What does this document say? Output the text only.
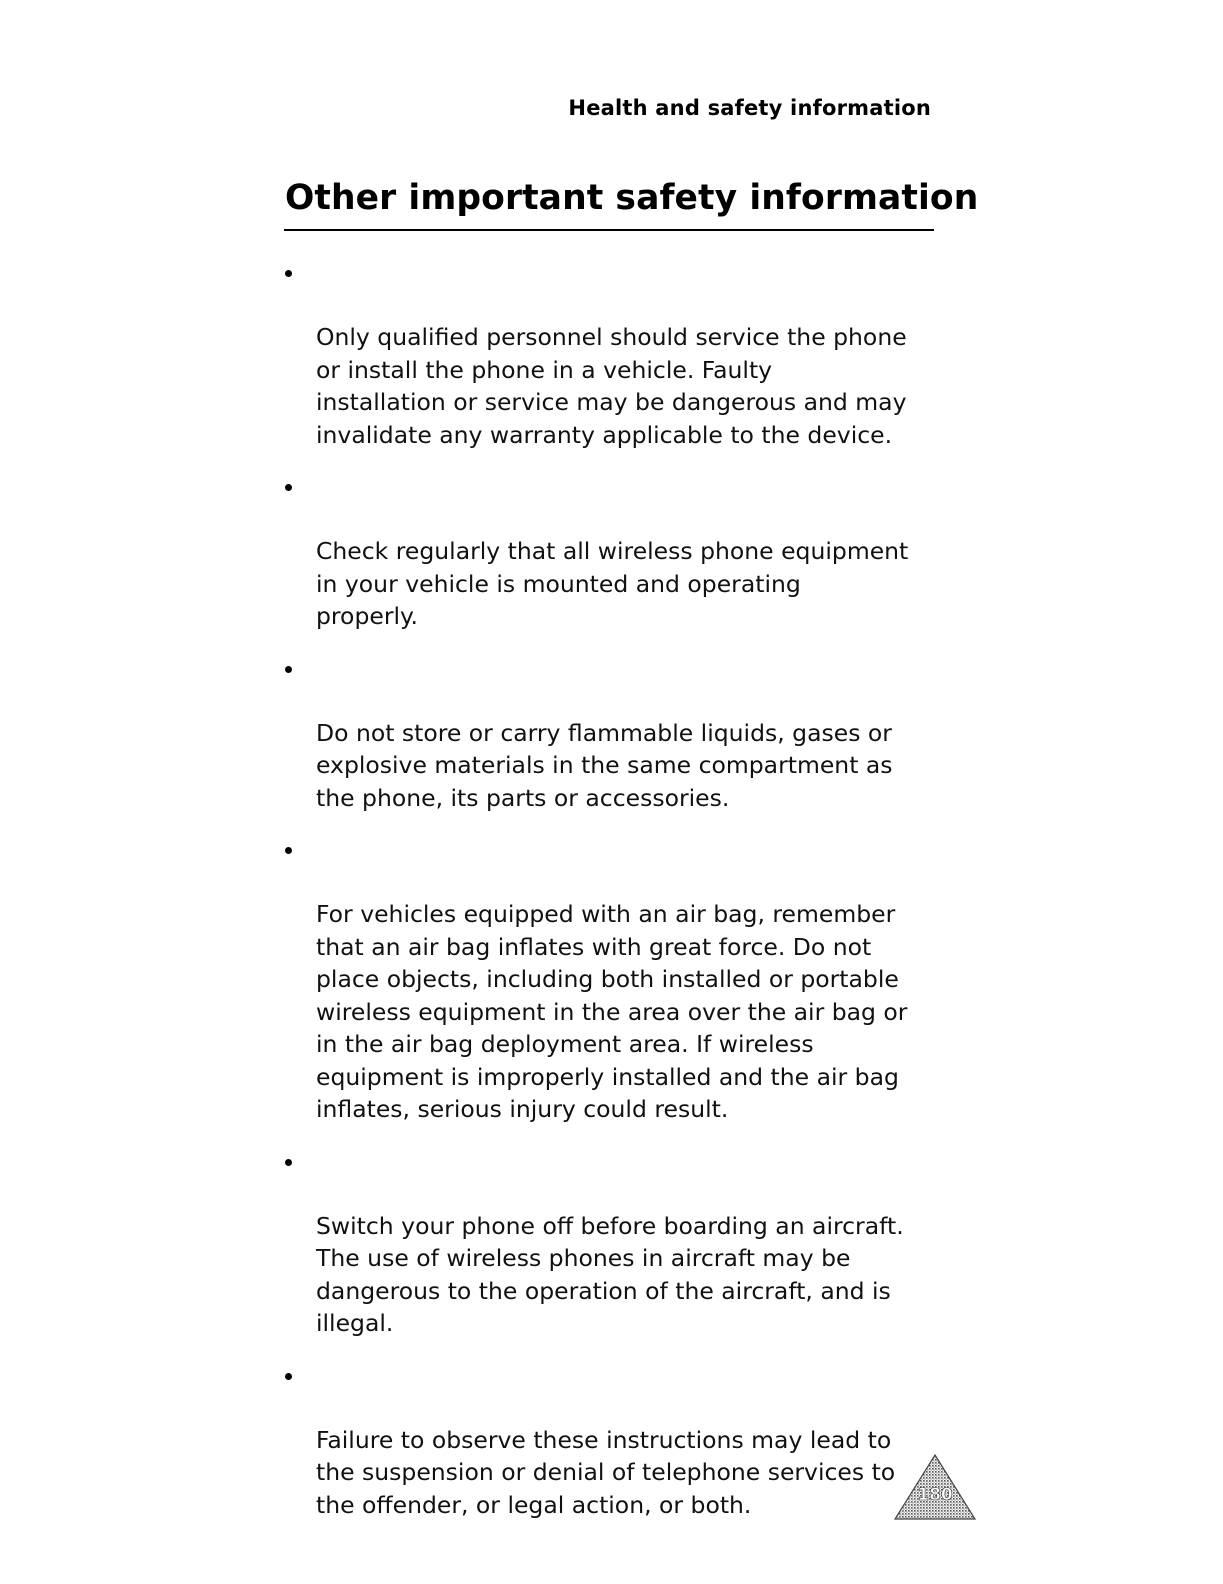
Health and safety information
Other important safety information

Only qualified personnel should service the phone
or install the phone in a vehicle. Faulty
installation or service may be dangerous and may
invalidate any warranty applicable to the device.

Check regularly that all wireless phone equipment
in your vehicle is mounted and operating
properly.

Do not store or carry flammable liquids, gases or
explosive materials in the same compartment as
the phone, its parts or accessories.

For vehicles equipped with an air bag, remember
that an air bag inflates with great force. Do not
place objects, including both installed or portable
wireless equipment in the area over the air bag or
in the air bag deployment area. If wireless
equipment is improperly installed and the air bag
inflates, serious injury could result.

Switch your phone off before boarding an aircraft.
The use of wireless phones in aircraft may be
dangerous to the operation of the aircraft, and is
illegal.

Failure to observe these instructions may lead to
the suspension or denial of telephone services to
the offender, or legal action, or both.	180
